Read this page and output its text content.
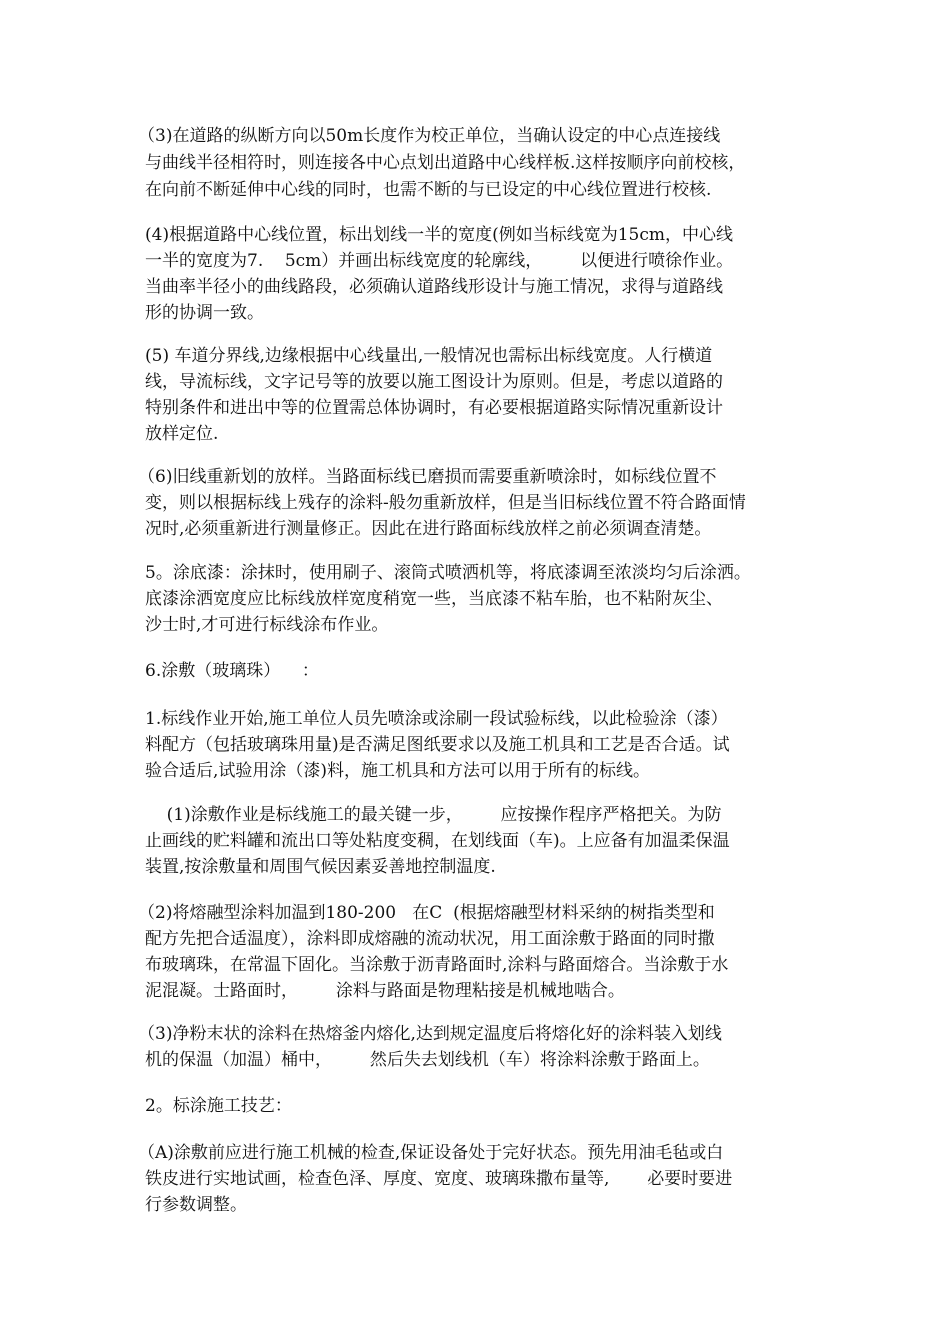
（3)在道路的纵断方向以50m长度作为校正单位，当确认设定的中心点连接线
与曲线半径相符时，则连接各中心点划出道路中心线样板.这样按顺序向前校核，
在向前不断延伸中心线的同时，也需不断的与已设定的中心线位置进行校核.
(4)根据道路中心线位置，标出划线一半的宽度(例如当标线宽为15cm，中心线
一半的宽度为7.    5cm）并画出标线宽度的轮廓线，       以便进行喷徐作业。
当曲率半径小的曲线路段，必须确认道路线形设计与施工情况，求得与道路线
形的协调一致。
(5) 车道分界线,边缘根据中心线量出,一般情况也需标出标线宽度。人行横道
线，导流标线，文字记号等的放要以施工图设计为原则。但是，考虑以道路的
特别条件和进出中等的位置需总体协调时，有必要根据道路实际情况重新设计
放样定位.
（6)旧线重新划的放样。当路面标线已磨损而需要重新喷涂时，如标线位置不
变，则以根据标线上残存的涂料-般勿重新放样，但是当旧标线位置不符合路面情
况时,必须重新进行测量修正。因此在进行路面标线放样之前必须调查清楚。
5。涂底漆：涂抹时，使用刷子、滚筒式喷洒机等，将底漆调至浓淡均匀后涂洒。
底漆涂洒宽度应比标线放样宽度稍宽一些，当底漆不粘车胎，也不粘附灰尘、
沙士时,才可进行标线涂布作业。
6.涂敷（玻璃珠）    ：
1.标线作业开始,施工单位人员先喷涂或涂刷一段试验标线，以此检验涂（漆）
料配方（包括玻璃珠用量)是否满足图纸要求以及施工机具和工艺是否合适。试
验合适后,试验用涂（漆)料，施工机具和方法可以用于所有的标线。
(1)涂敷作业是标线施工的最关键一步，       应按操作程序严格把关。为防
止画线的贮料罐和流出口等处粘度变稠，在划线面（车)。上应备有加温柔保温
装置,按涂敷量和周围气候因素妥善地控制温度.
（2)将熔融型涂料加温到180-200   在C  (根据熔融型材料采纳的树指类型和
配方先把合适温度），涂料即成熔融的流动状况，用工面涂敷于路面的同时撒
布玻璃珠，在常温下固化。当涂敷于沥青路面时,涂料与路面熔合。当涂敷于水
泥混凝。士路面时，       涂料与路面是物理粘接是机械地啮合。
（3)净粉末状的涂料在热熔釜内熔化,达到规定温度后将熔化好的涂料装入划线
机的保温（加温）桶中，       然后失去划线机（车）将涂料涂敷于路面上。
2。标涂施工技艺：
（A)涂敷前应进行施工机械的检查,保证设备处于完好状态。预先用油毛毡或白
铁皮进行实地试画，检查色泽、厚度、宽度、玻璃珠撒布量等,       必要时要进
行参数调整。
